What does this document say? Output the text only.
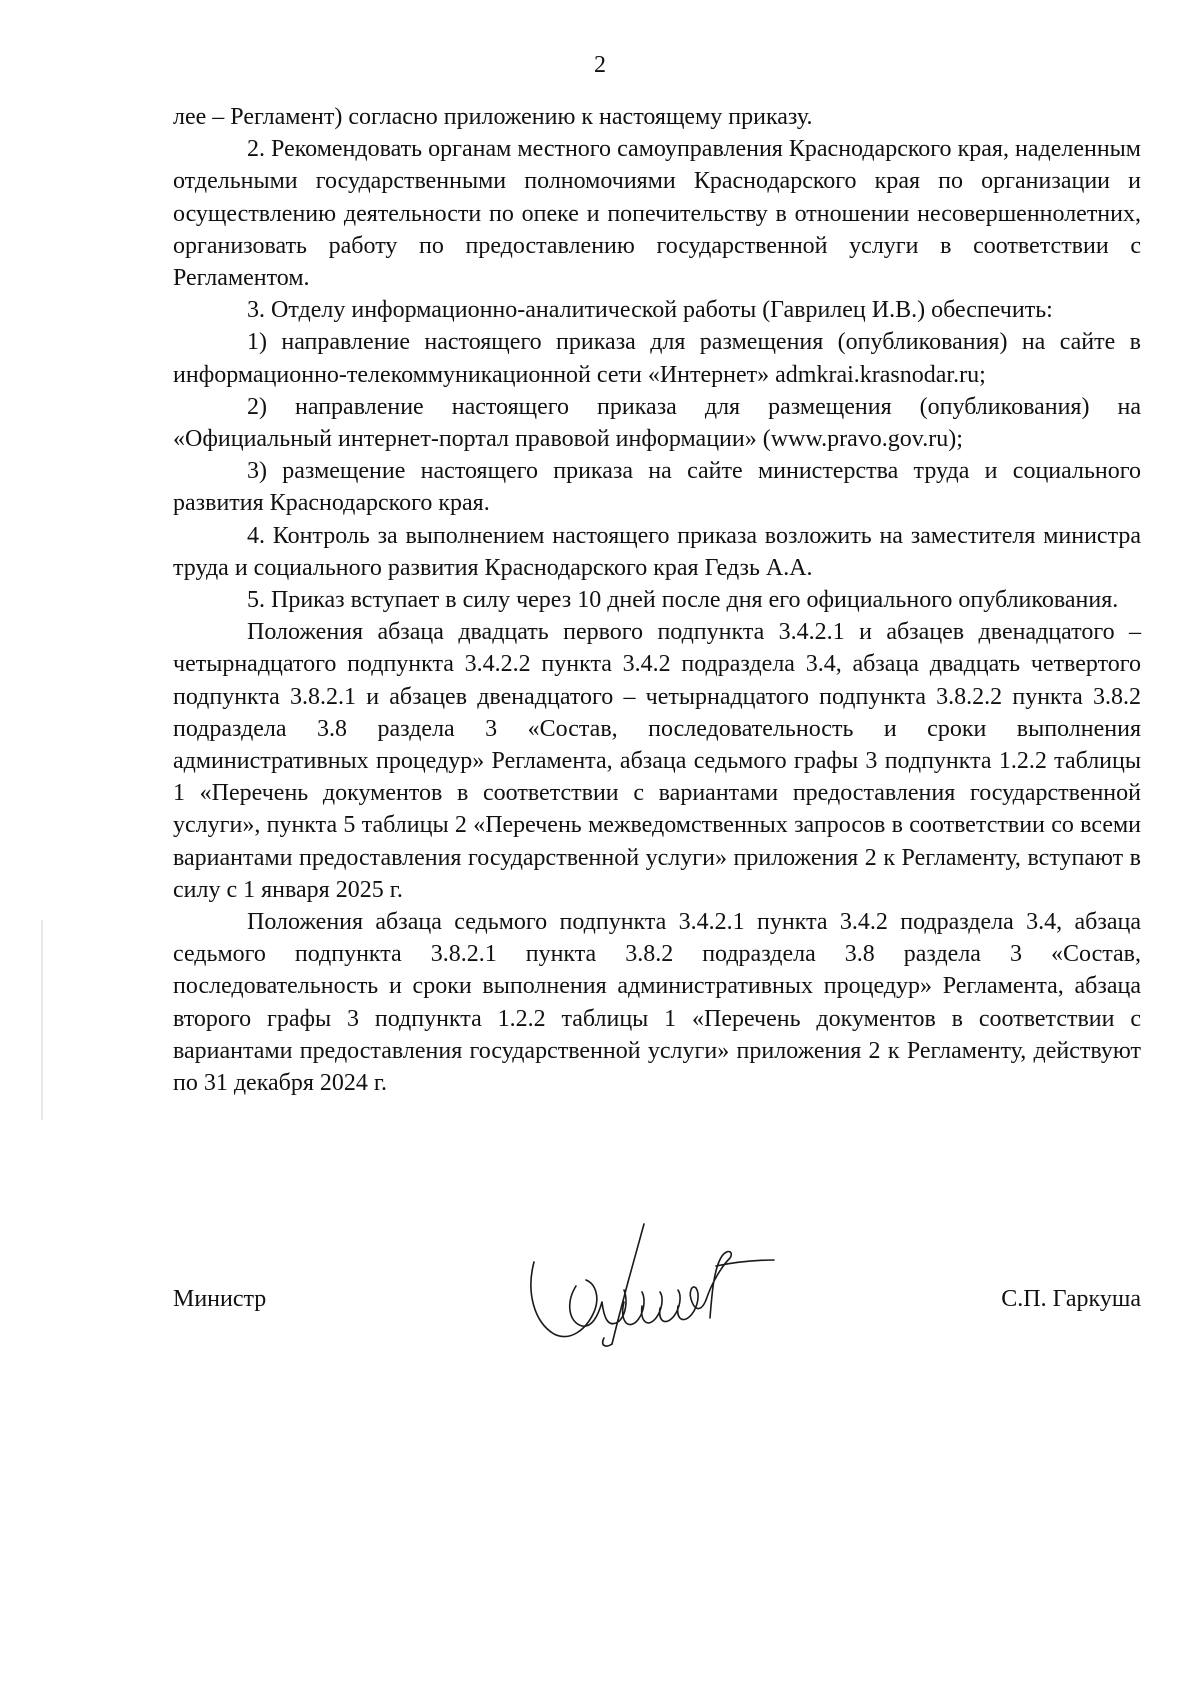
2

лее – Регламент) согласно приложению к настоящему приказу.

2. Рекомендовать органам местного самоуправления Краснодарского края, наделенным отдельными государственными полномочиями Краснодарского края по организации и осуществлению деятельности по опеке и попечительству в отношении несовершеннолетних, организовать работу по предоставлению государственной услуги в соответствии с Регламентом.

3. Отделу информационно-аналитической работы (Гаврилец И.В.) обеспечить:

1) направление настоящего приказа для размещения (опубликования) на сайте в информационно-телекоммуникационной сети «Интернет» admkrai.krasnodar.ru;

2) направление настоящего приказа для размещения (опубликования) на «Официальный интернет-портал правовой информации» (www.pravo.gov.ru);

3) размещение настоящего приказа на сайте министерства труда и социального развития Краснодарского края.

4. Контроль за выполнением настоящего приказа возложить на заместителя министра труда и социального развития Краснодарского края Гедзь А.А.

5. Приказ вступает в силу через 10 дней после дня его официального опубликования.

Положения абзаца двадцать первого подпункта 3.4.2.1 и абзацев двенадцатого – четырнадцатого подпункта 3.4.2.2 пункта 3.4.2 подраздела 3.4, абзаца двадцать четвертого подпункта 3.8.2.1 и абзацев двенадцатого – четырнадцатого подпункта 3.8.2.2 пункта 3.8.2 подраздела 3.8 раздела 3 «Состав, последовательность и сроки выполнения административных процедур» Регламента, абзаца седьмого графы 3 подпункта 1.2.2 таблицы 1 «Перечень документов в соответствии с вариантами предоставления государственной услуги», пункта 5 таблицы 2 «Перечень межведомственных запросов в соответствии со всеми вариантами предоставления государственной услуги» приложения 2 к Регламенту, вступают в силу с 1 января 2025 г.

Положения абзаца седьмого подпункта 3.4.2.1 пункта 3.4.2 подраздела 3.4, абзаца седьмого подпункта 3.8.2.1 пункта 3.8.2 подраздела 3.8 раздела 3 «Состав, последовательность и сроки выполнения административных процедур» Регламента, абзаца второго графы 3 подпункта 1.2.2 таблицы 1 «Перечень документов в соответствии с вариантами предоставления государственной услуги» приложения 2 к Регламенту, действуют по 31 декабря 2024 г.

Министр	С.П. Гаркуша
